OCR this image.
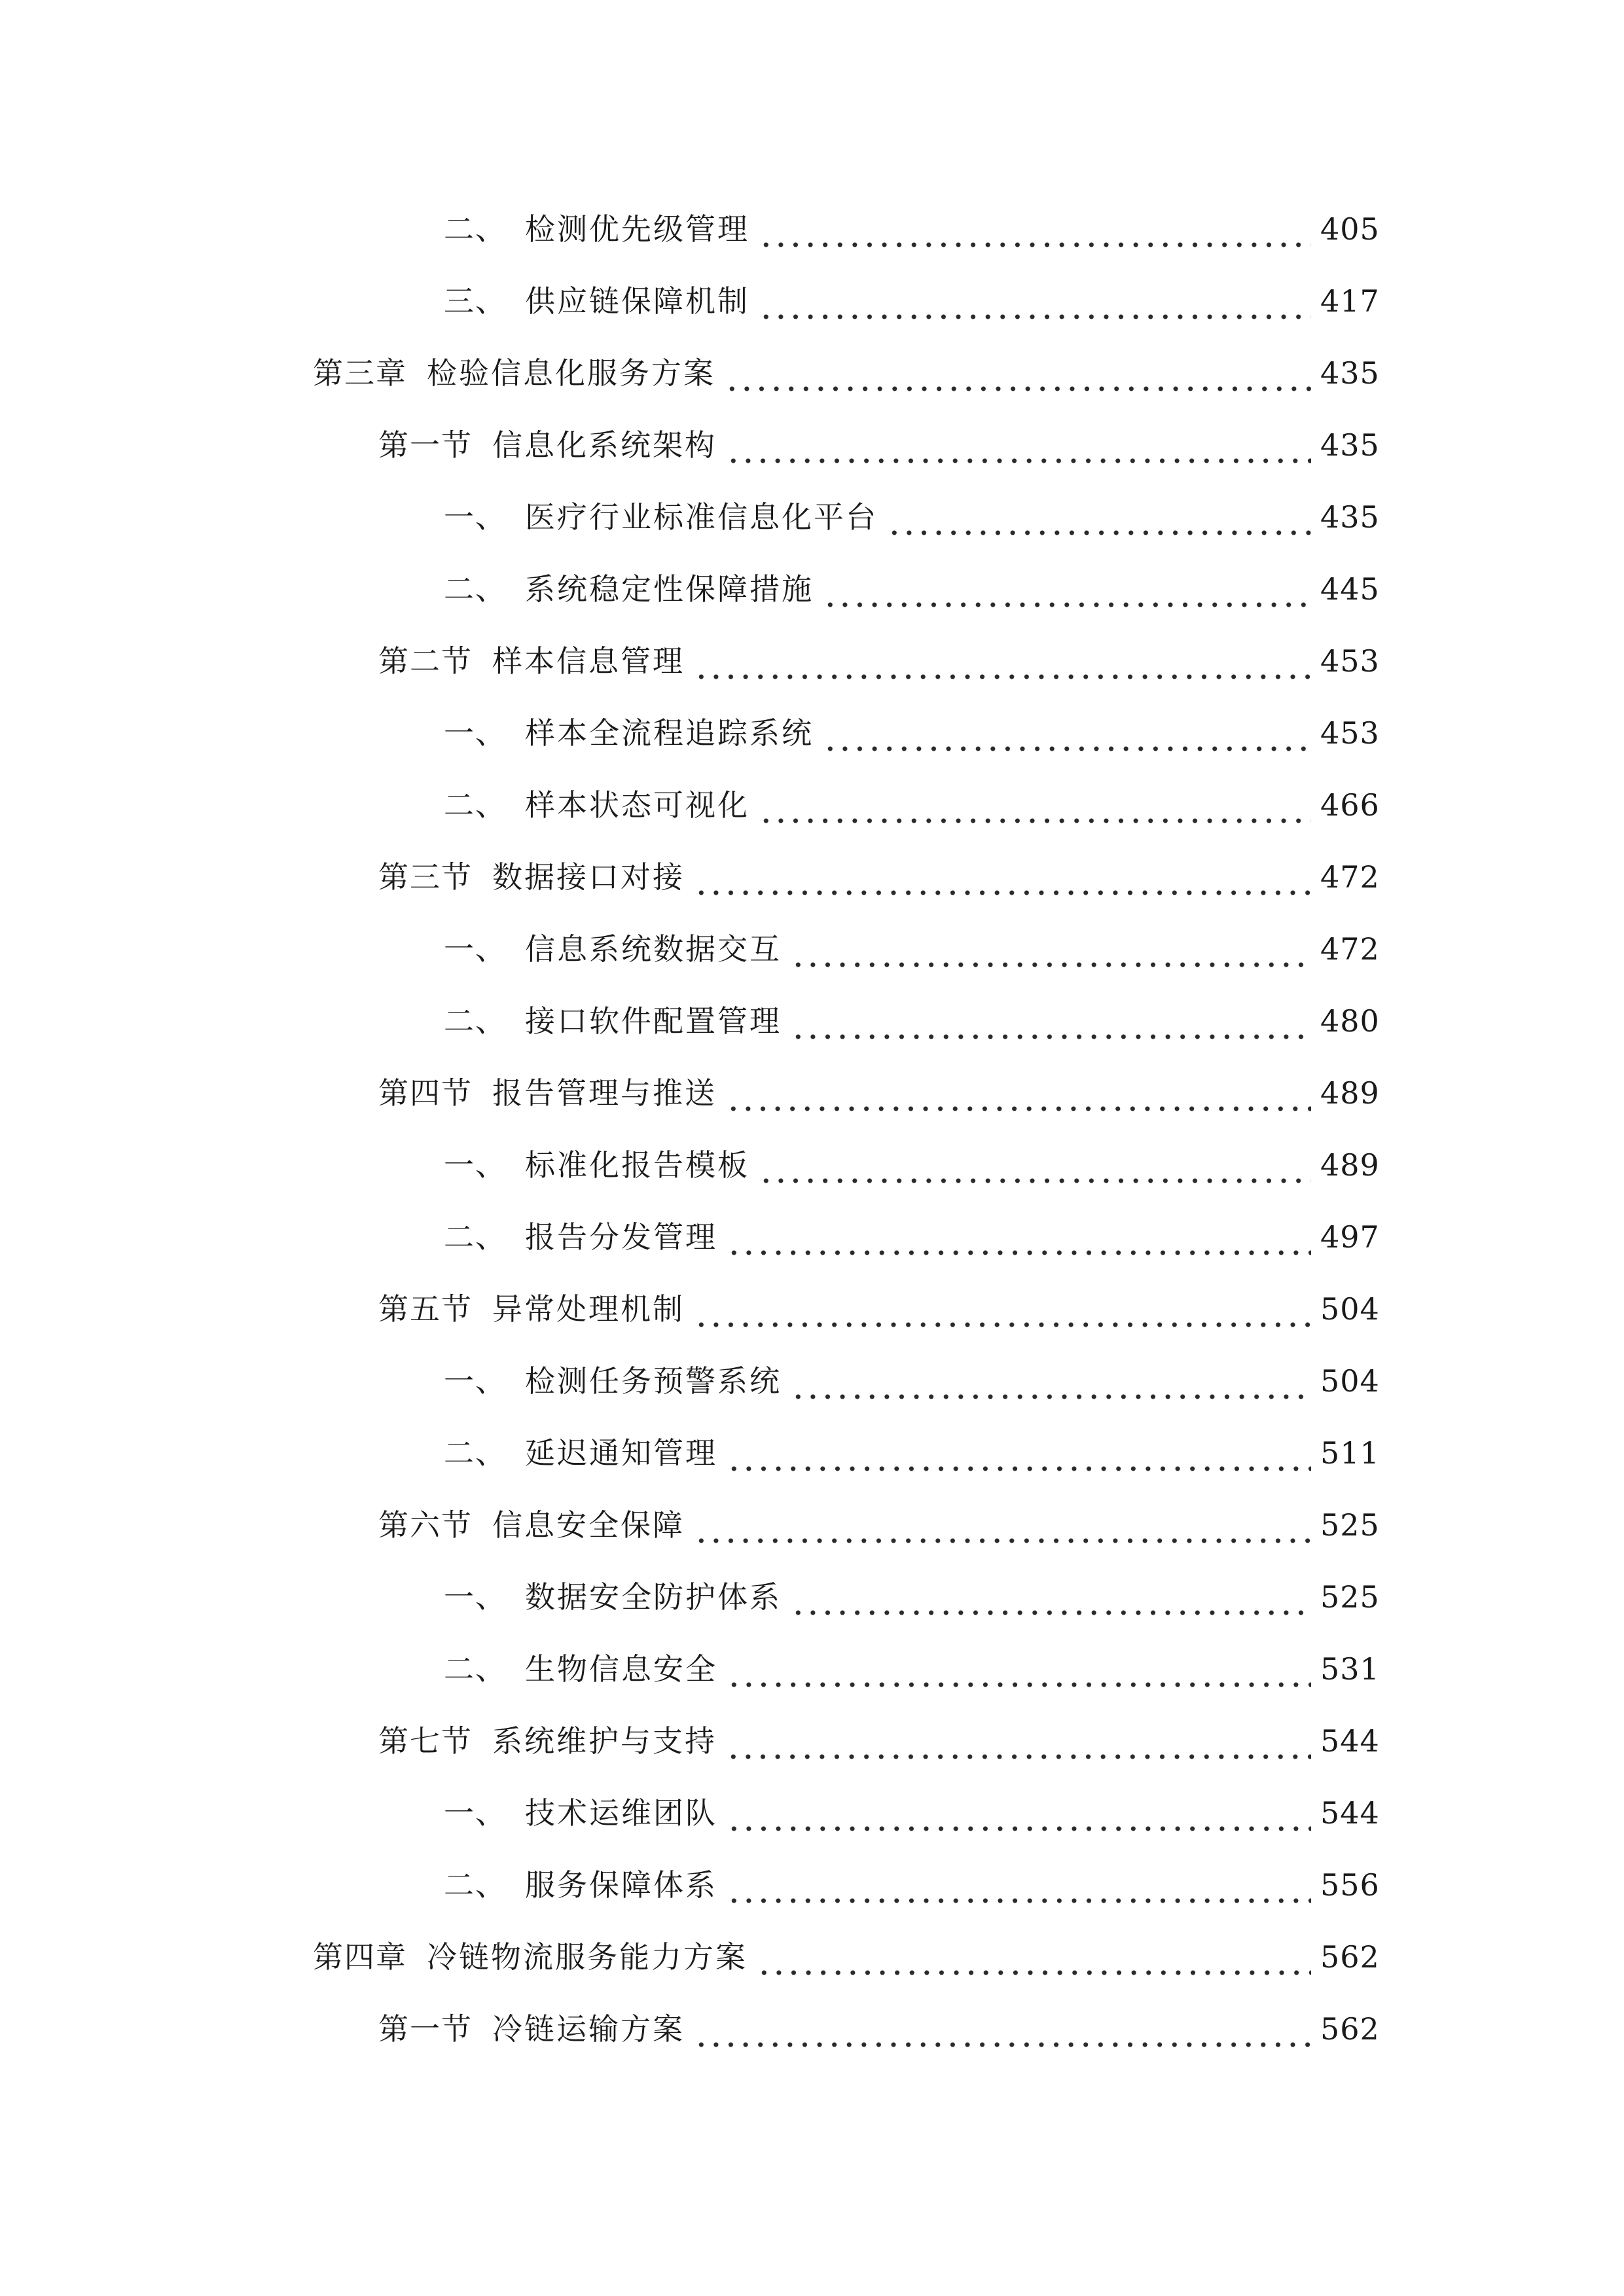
二、 检测优先级管理	405
三、 供应链保障机制	417
第三章 检验信息化服务方案	435
第一节 信息化系统架构	435
一、 医疗行业标准信息化平台	435
二、 系统稳定性保障措施	445
第二节 样本信息管理	453
一、 样本全流程追踪系统	453
二、 样本状态可视化	466
第三节 数据接口对接	472
一、 信息系统数据交互	472
二、 接口软件配置管理	480
第四节 报告管理与推送	489
一、 标准化报告模板	489
二、 报告分发管理	497
第五节 异常处理机制	504
一、 检测任务预警系统	504
二、 延迟通知管理	511
第六节 信息安全保障	525
一、 数据安全防护体系	525
二、 生物信息安全	531
第七节 系统维护与支持	544
一、 技术运维团队	544
二、 服务保障体系	556
第四章 冷链物流服务能力方案	562
第一节 冷链运输方案	562
